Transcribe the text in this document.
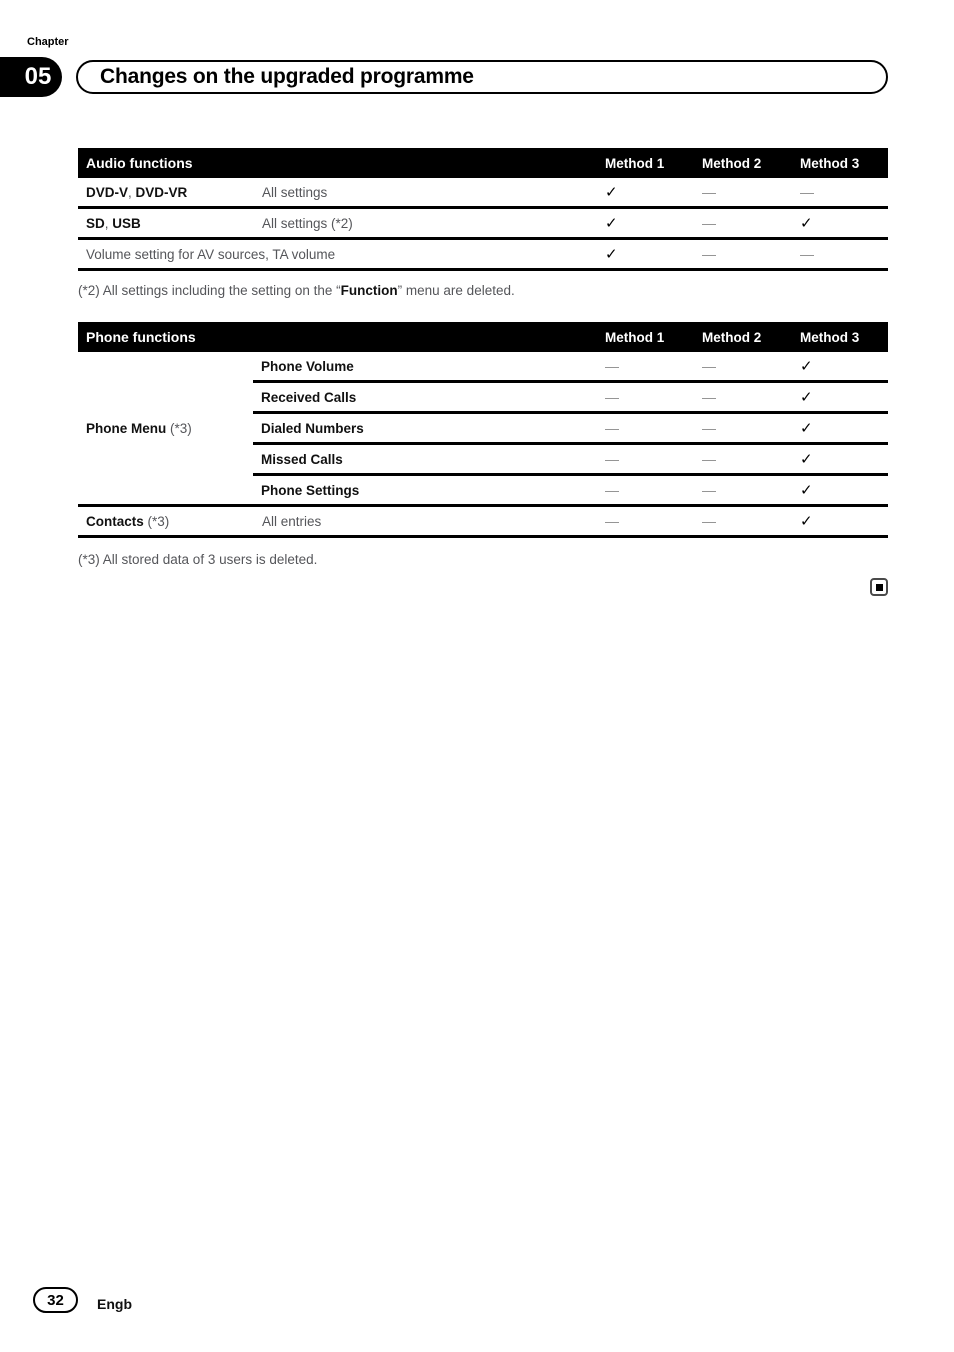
Chapter
05 Changes on the upgraded programme
Audio functions		Method 1	Method 2	Method 3
DVD-V, DVD-VR	All settings	✓	—	—
SD, USB	All settings (*2)	✓	—	✓
Volume setting for AV sources, TA volume		✓	—	—
(*2) All settings including the setting on the “Function” menu are deleted.
Phone functions		Method 1	Method 2	Method 3
Phone Menu (*3)	Phone Volume	—	—	✓
	Received Calls	—	—	✓
	Dialed Numbers	—	—	✓
	Missed Calls	—	—	✓
	Phone Settings	—	—	✓
Contacts (*3)	All entries	—	—	✓
(*3) All stored data of 3 users is deleted.
32 Engb
